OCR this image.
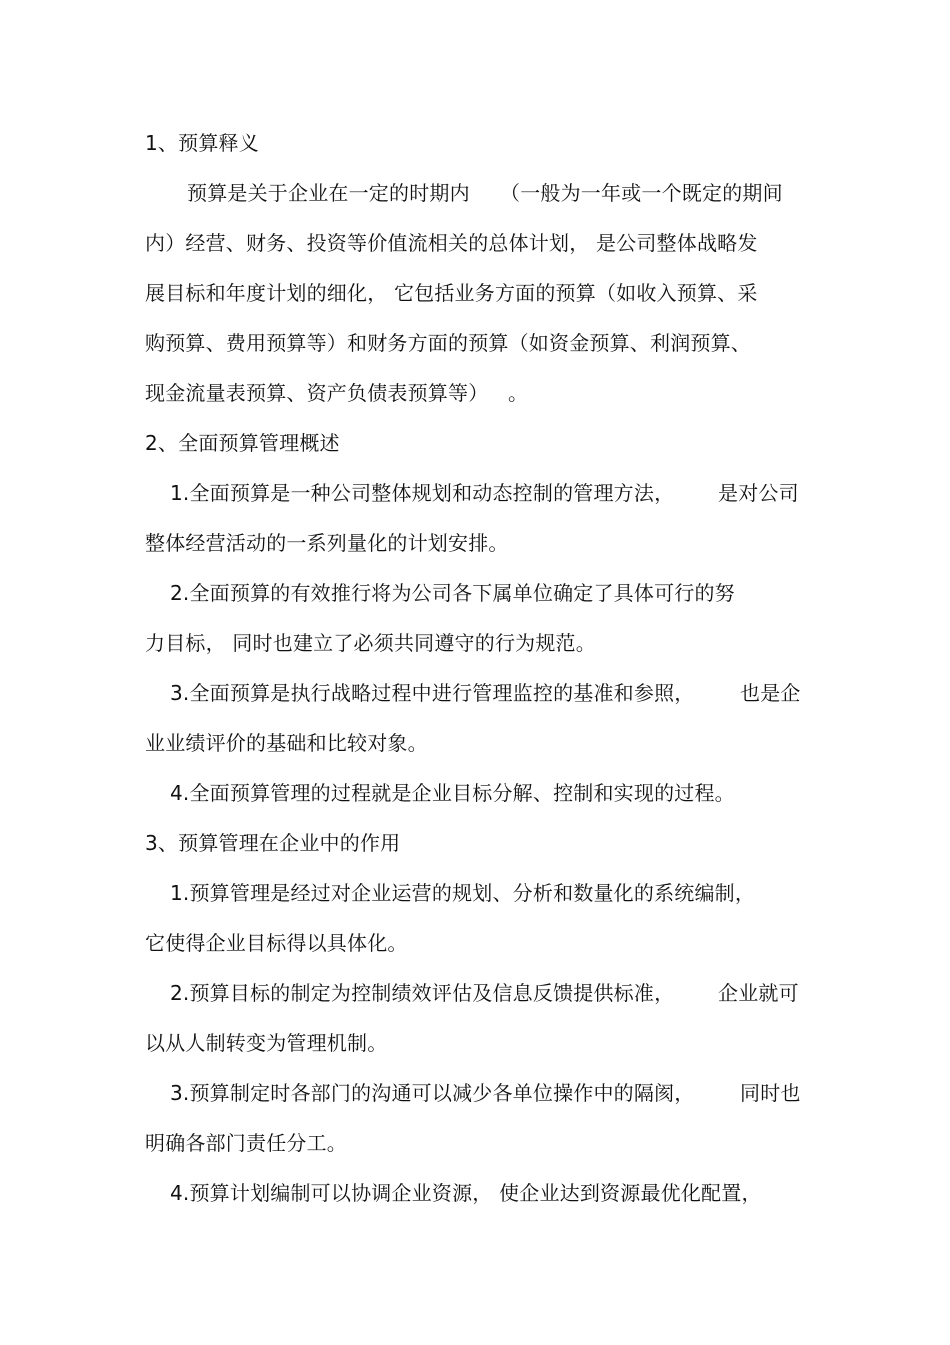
1、预算释义
预算是关于企业在一定的时期内 （一般为一年或一个既定的期间
内）经营、财务、投资等价值流相关的总体计划， 是公司整体战略发
展目标和年度计划的细化， 它包括业务方面的预算（如收入预算、采
购预算、费用预算等）和财务方面的预算（如资金预算、利润预算、
现金流量表预算、资产负债表预算等） 。
2、全面预算管理概述
1.全面预算是一种公司整体规划和动态控制的管理方法， 是对公司
整体经营活动的一系列量化的计划安排。
2.全面预算的有效推行将为公司各下属单位确定了具体可行的努
力目标， 同时也建立了必须共同遵守的行为规范。
3.全面预算是执行战略过程中进行管理监控的基准和参照， 也是企
业业绩评价的基础和比较对象。
4.全面预算管理的过程就是企业目标分解、控制和实现的过程。
3、预算管理在企业中的作用
1.预算管理是经过对企业运营的规划、分析和数量化的系统编制，
它使得企业目标得以具体化。
2.预算目标的制定为控制绩效评估及信息反馈提供标准， 企业就可
以从人制转变为管理机制。
3.预算制定时各部门的沟通可以减少各单位操作中的隔阂， 同时也
明确各部门责任分工。
4.预算计划编制可以协调企业资源， 使企业达到资源最优化配置，
